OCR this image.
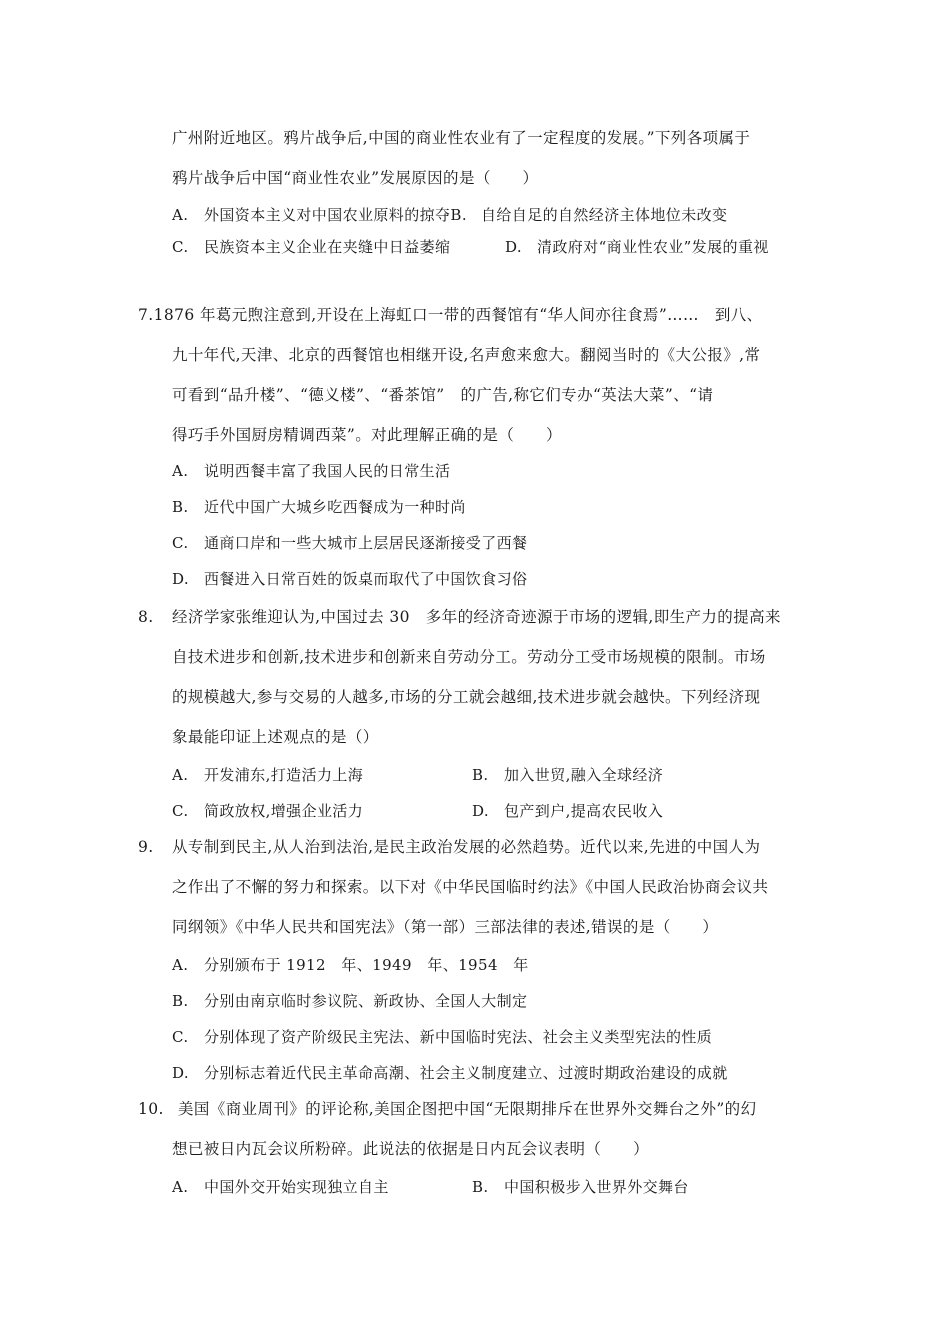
广州附近地区。鸦片战争后,中国的商业性农业有了一定程度的发展。”下列各项属于
鸦片战争后中国“商业性农业”发展原因的是（　　）
A. 外国资本主义对中国农业原料的掠夺B. 自给自足的自然经济主体地位未改变
C. 民族资本主义企业在夹缝中日益萎缩	D. 清政府对“商业性农业”发展的重视
7.1876 年葛元煦注意到,开设在上海虹口一带的西餐馆有“华人间亦往食焉”……　到八、
九十年代,天津、北京的西餐馆也相继开设,名声愈来愈大。翻阅当时的《大公报》,常
可看到“品升楼”、“德义楼”、“番茶馆”　的广告,称它们专办“英法大菜”、“请
得巧手外国厨房精调西菜”。对此理解正确的是（　　）
A. 说明西餐丰富了我国人民的日常生活
B. 近代中国广大城乡吃西餐成为一种时尚
C. 通商口岸和一些大城市上层居民逐渐接受了西餐
D. 西餐进入日常百姓的饭桌而取代了中国饮食习俗
8. 经济学家张维迎认为,中国过去 30　多年的经济奇迹源于市场的逻辑,即生产力的提高来
自技术进步和创新,技术进步和创新来自劳动分工。劳动分工受市场规模的限制。市场
的规模越大,参与交易的人越多,市场的分工就会越细,技术进步就会越快。下列经济现
象最能印证上述观点的是（）
A. 开发浦东,打造活力上海	B. 加入世贸,融入全球经济
C. 简政放权,增强企业活力	D. 包产到户,提高农民收入
9. 从专制到民主,从人治到法治,是民主政治发展的必然趋势。近代以来,先进的中国人为
之作出了不懈的努力和探索。以下对《中华民国临时约法》《中国人民政治协商会议共
同纲领》《中华人民共和国宪法》（第一部）三部法律的表述,错误的是（　　）
A. 分别颁布于 1912　年、1949　年、1954　年
B. 分别由南京临时参议院、新政协、全国人大制定
C. 分别体现了资产阶级民主宪法、新中国临时宪法、社会主义类型宪法的性质
D. 分别标志着近代民主革命高潮、社会主义制度建立、过渡时期政治建设的成就
10. 美国《商业周刊》的评论称,美国企图把中国“无限期排斥在世界外交舞台之外”的幻
想已被日内瓦会议所粉碎。此说法的依据是日内瓦会议表明（　　）
A. 中国外交开始实现独立自主	B. 中国积极步入世界外交舞台
